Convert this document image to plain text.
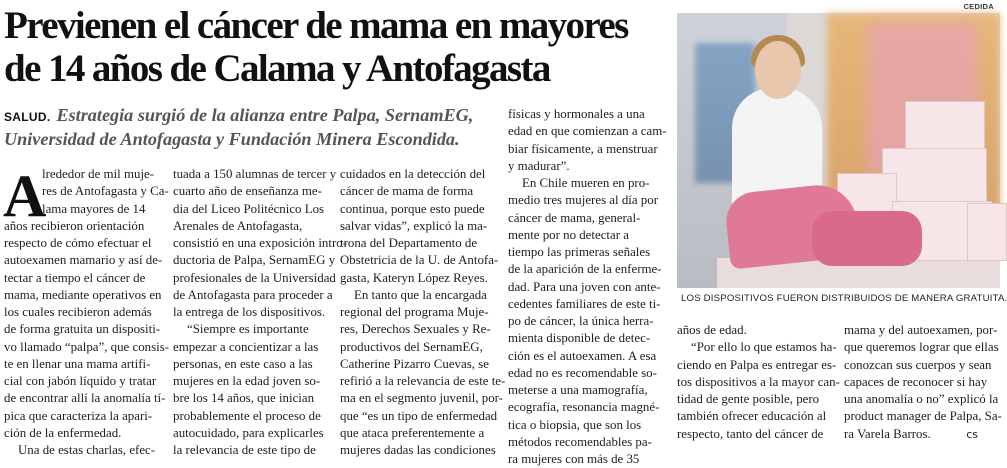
CEDIDA
Previenen el cáncer de mama en mayores
de 14 años de Calama y Antofagasta
SALUD. Estrategia surgió de la alianza entre Palpa, SernamEG,
Universidad de Antofagasta y Fundación Minera Escondida.
A
lrededor de mil muje-
res de Antofagasta y Ca-
lama mayores de 14
años recibieron orientación
respecto de cómo efectuar el
autoexamen mamario y así de-
tectar a tiempo el cáncer de
mama, mediante operativos en
los cuales recibieron además
de forma gratuita un dispositi-
vo llamado “palpa”, que consis-
te en llenar una mama artifi-
cial con jabón líquido y tratar
de encontrar allí la anomalía tí-
pica que caracteriza la apari-
ción de la enfermedad.
Una de estas charlas, efec-
tuada a 150 alumnas de tercer y
cuarto año de enseñanza me-
dia del Liceo Politécnico Los
Arenales de Antofagasta,
consistió en una exposición intro-
ductoria de Palpa, SernamEG y
profesionales de la Universidad
de Antofagasta para proceder a
la entrega de los dispositivos.
“Siempre es importante
empezar a concientizar a las
personas, en este caso a las
mujeres en la edad joven so-
bre los 14 años, que inician
probablemente el proceso de
autocuidado, para explicarles
la relevancia de este tipo de
cuidados en la detección del
cáncer de mama de forma
continua, porque esto puede
salvar vidas”, explicó la ma-
trona del Departamento de
Obstetricia de la U. de Antofa-
gasta, Kateryn López Reyes.
En tanto que la encargada
regional del programa Muje-
res, Derechos Sexuales y Re-
productivos del SernamEG,
Catherine Pizarro Cuevas, se
refirió a la relevancia de este te-
ma en el segmento juvenil, por-
que “es un tipo de enfermedad
que ataca preferentemente a
mujeres dadas las condiciones
físicas y hormonales a una
edad en que comienzan a cam-
biar físicamente, a menstruar
y madurar”.
En Chile mueren en pro-
medio tres mujeres al día por
cáncer de mama, general-
mente por no detectar a
tiempo las primeras señales
de la aparición de la enferme-
dad. Para una joven con ante-
cedentes familiares de este ti-
po de cáncer, la única herra-
mienta disponible de detec-
ción es el autoexamen. A esa
edad no es recomendable so-
meterse a una mamografía,
ecografía, resonancia magné-
tica o biopsia, que son los
métodos recomendables pa-
ra mujeres con más de 35
años de edad.
“Por ello lo que estamos ha-
ciendo en Palpa es entregar es-
tos dispositivos a la mayor can-
tidad de gente posible, pero
también ofrecer educación al
respecto, tanto del cáncer de
mama y del autoexamen, por-
que queremos lograr que ellas
conozcan sus cuerpos y sean
capaces de reconocer si hay
una anomalía o no” explicó la
product manager de Palpa, Sa-
ra Varela Barros.	cs
LOS DISPOSITIVOS FUERON DISTRIBUIDOS DE MANERA GRATUITA.
